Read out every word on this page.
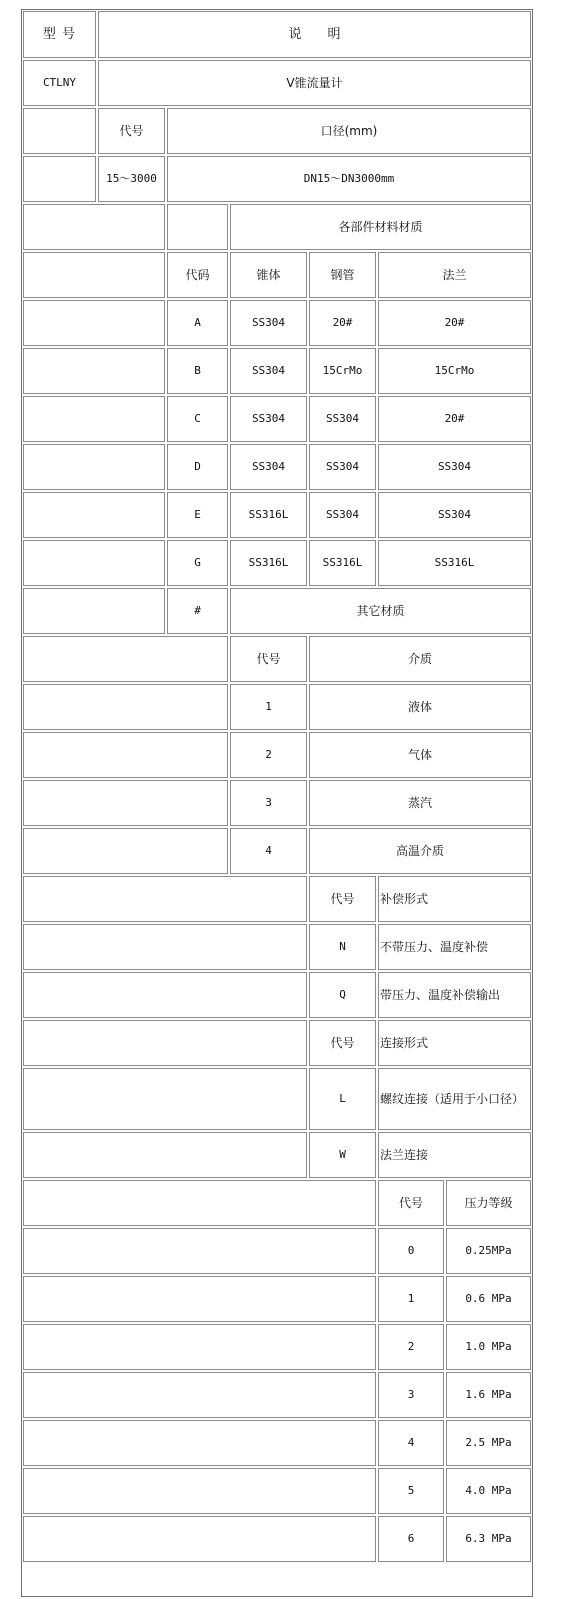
型 号	说　　明
CTLNY	V锥流量计
代号	口径(mm)
15～3000	DN15～DN3000mm
各部件材料材质
代码	锥体	钢管	法兰
A	SS304	20#	20#
B	SS304	15CrMo	15CrMo
C	SS304	SS304	20#
D	SS304	SS304	SS304
E	SS316L	SS304	SS304
G	SS316L	SS316L	SS316L
#	其它材质
代号	介质
1	液体
2	气体
3	蒸汽
4	高温介质
代号	补偿形式
N	不带压力、温度补偿
Q	带压力、温度补偿输出
代号	连接形式
L	螺纹连接（适用于小口径）
W	法兰连接
代号	压力等级
0	0.25MPa
1	0.6 MPa
2	1.0 MPa
3	1.6 MPa
4	2.5 MPa
5	4.0 MPa
6	6.3 MPa
